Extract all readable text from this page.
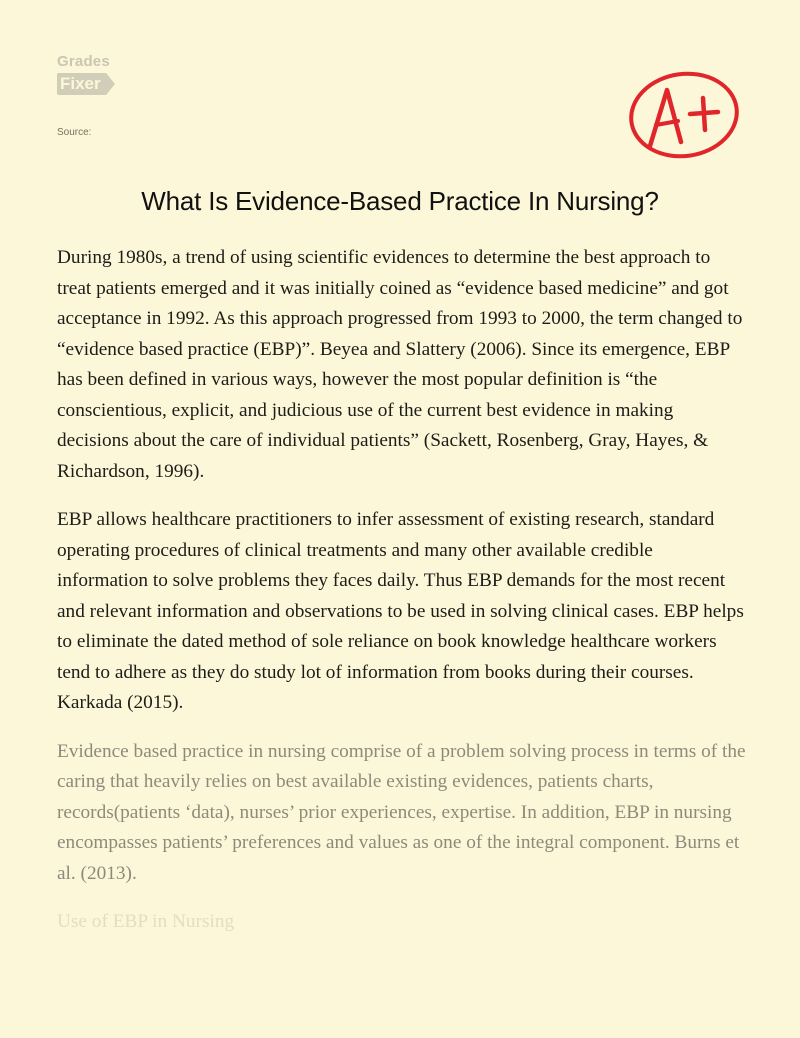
Grades
Fixer
Source:
What Is Evidence-Based Practice In Nursing?

During 1980s, a trend of using scientific evidences to determine the best approach to treat patients emerged and it was initially coined as “evidence based medicine” and got acceptance in 1992. As this approach progressed from 1993 to 2000, the term changed to “evidence based practice (EBP)”. Beyea and Slattery (2006). Since its emergence, EBP has been defined in various ways, however the most popular definition is “the conscientious, explicit, and judicious use of the current best evidence in making decisions about the care of individual patients” (Sackett, Rosenberg, Gray, Hayes, & Richardson, 1996).

EBP allows healthcare practitioners to infer assessment of existing research, standard operating procedures of clinical treatments and many other available credible information to solve problems they faces daily. Thus EBP demands for the most recent and relevant information and observations to be used in solving clinical cases. EBP helps to eliminate the dated method of sole reliance on book knowledge healthcare workers tend to adhere as they do study lot of information from books during their courses. Karkada (2015).

Evidence based practice in nursing comprise of a problem solving process in terms of the caring that heavily relies on best available existing evidences, patients charts, records(patients ‘data), nurses’ prior experiences, expertise. In addition, EBP in nursing encompasses patients’ preferences and values as one of the integral component. Burns et al. (2013).

Use of EBP in Nursing
